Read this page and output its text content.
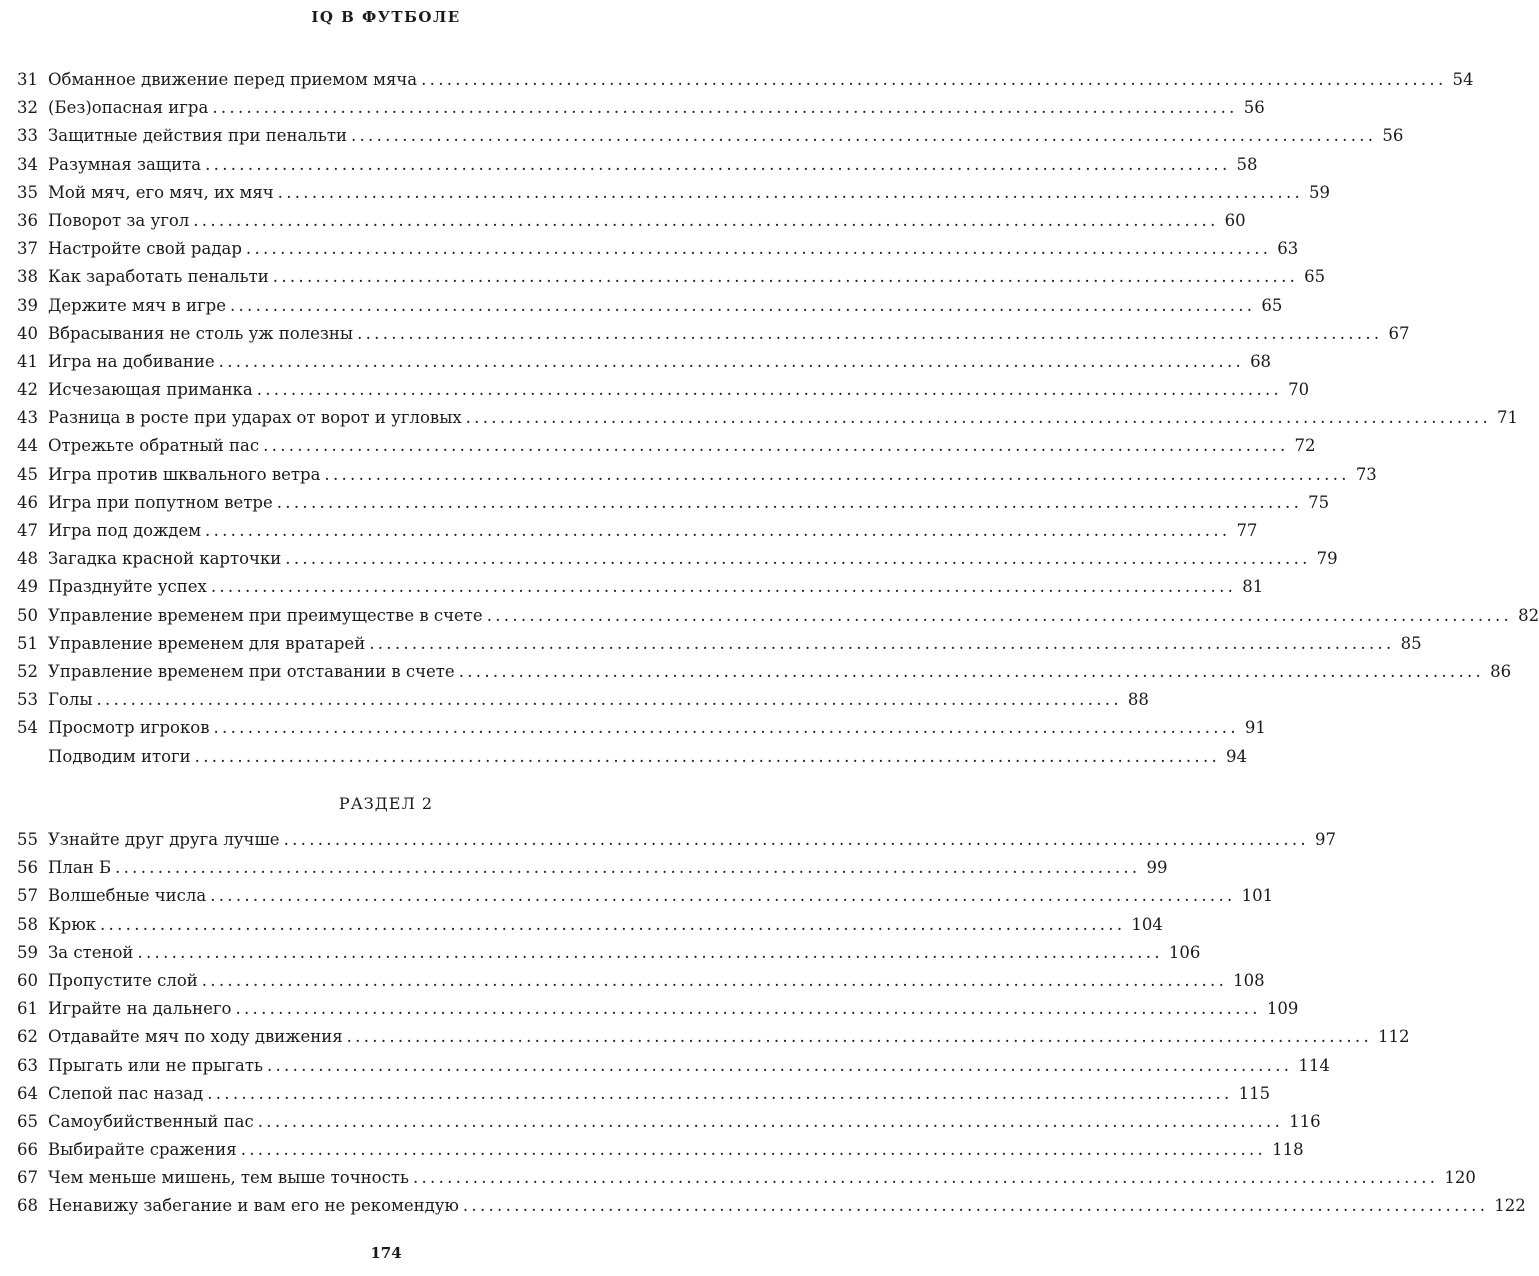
IQ В ФУТБОЛЕ
31 Обманное движение перед приемом мяча ........................................................................................................................ 54
32 (Без)опасная игра ........................................................................................................................ 56
33 Защитные действия при пенальти ........................................................................................................................ 56
34 Разумная защита ........................................................................................................................ 58
35 Мой мяч, его мяч, их мяч ........................................................................................................................ 59
36 Поворот за угол ........................................................................................................................ 60
37 Настройте свой радар ........................................................................................................................ 63
38 Как заработать пенальти ........................................................................................................................ 65
39 Держите мяч в игре ........................................................................................................................ 65
40 Вбрасывания не столь уж полезны ........................................................................................................................ 67
41 Игра на добивание ........................................................................................................................ 68
42 Исчезающая приманка ........................................................................................................................ 70
43 Разница в росте при ударах от ворот и угловых ........................................................................................................................ 71
44 Отрежьте обратный пас ........................................................................................................................ 72
45 Игра против шквального ветра ........................................................................................................................ 73
46 Игра при попутном ветре ........................................................................................................................ 75
47 Игра под дождем ........................................................................................................................ 77
48 Загадка красной карточки ........................................................................................................................ 79
49 Празднуйте успех ........................................................................................................................ 81
50 Управление временем при преимуществе в счете ........................................................................................................................ 82
51 Управление временем для вратарей ........................................................................................................................ 85
52 Управление временем при отставании в счете ........................................................................................................................ 86
53 Голы ........................................................................................................................ 88
54 Просмотр игроков ........................................................................................................................ 91
Подводим итоги ........................................................................................................................ 94
РАЗДЕЛ 2
55 Узнайте друг друга лучше ........................................................................................................................ 97
56 План Б ........................................................................................................................ 99
57 Волшебные числа ........................................................................................................................ 101
58 Крюк ........................................................................................................................ 104
59 За стеной ........................................................................................................................ 106
60 Пропустите слой ........................................................................................................................ 108
61 Играйте на дальнего ........................................................................................................................ 109
62 Отдавайте мяч по ходу движения ........................................................................................................................ 112
63 Прыгать или не прыгать ........................................................................................................................ 114
64 Слепой пас назад ........................................................................................................................ 115
65 Самоубийственный пас ........................................................................................................................ 116
66 Выбирайте сражения ........................................................................................................................ 118
67 Чем меньше мишень, тем выше точность ........................................................................................................................ 120
68 Ненавижу забегание и вам его не рекомендую ........................................................................................................................ 122
174
